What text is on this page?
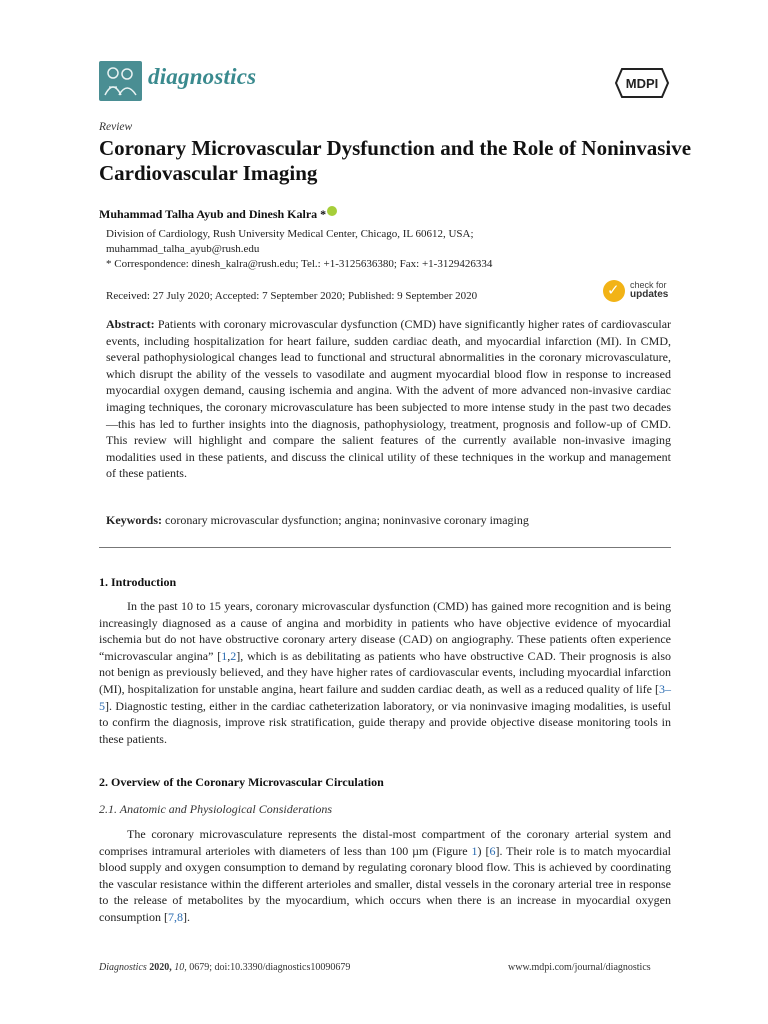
diagnostics	MDPI
Review
Coronary Microvascular Dysfunction and the Role of Noninvasive Cardiovascular Imaging
Muhammad Talha Ayub and Dinesh Kalra *
Division of Cardiology, Rush University Medical Center, Chicago, IL 60612, USA;
muhammad_talha_ayub@rush.edu
* Correspondence: dinesh_kalra@rush.edu; Tel.: +1-3125636380; Fax: +1-3129426334
Received: 27 July 2020; Accepted: 7 September 2020; Published: 9 September 2020	✓ check for
updates
Abstract: Patients with coronary microvascular dysfunction (CMD) have significantly higher rates of cardiovascular events, including hospitalization for heart failure, sudden cardiac death, and myocardial infarction (MI). In CMD, several pathophysiological changes lead to functional and structural abnormalities in the coronary microvasculature, which disrupt the ability of the vessels to vasodilate and augment myocardial blood flow in response to increased myocardial oxygen demand, causing ischemia and angina. With the advent of more advanced non-invasive cardiac imaging techniques, the coronary microvasculature has been subjected to more intense study in the past two decades—this has led to further insights into the diagnosis, pathophysiology, treatment, prognosis and follow-up of CMD. This review will highlight and compare the salient features of the currently available non-invasive imaging modalities used in these patients, and discuss the clinical utility of these techniques in the workup and management of these patients.
Keywords: coronary microvascular dysfunction; angina; noninvasive coronary imaging
1. Introduction
In the past 10 to 15 years, coronary microvascular dysfunction (CMD) has gained more recognition and is being increasingly diagnosed as a cause of angina and morbidity in patients who have objective evidence of myocardial ischemia but do not have obstructive coronary artery disease (CAD) on angiography. These patients often experience “microvascular angina” [1,2], which is as debilitating as patients who have obstructive CAD. Their prognosis is also not benign as previously believed, and they have higher rates of cardiovascular events, including myocardial infarction (MI), hospitalization for unstable angina, heart failure and sudden cardiac death, as well as a reduced quality of life [3–5]. Diagnostic testing, either in the cardiac catheterization laboratory, or via noninvasive imaging modalities, is useful to confirm the diagnosis, improve risk stratification, guide therapy and provide objective disease monitoring tools in these patients.
2. Overview of the Coronary Microvascular Circulation
2.1. Anatomic and Physiological Considerations
The coronary microvasculature represents the distal-most compartment of the coronary arterial system and comprises intramural arterioles with diameters of less than 100 µm (Figure 1) [6]. Their role is to match myocardial blood supply and oxygen consumption to demand by regulating coronary blood flow. This is achieved by coordinating the vascular resistance within the different arterioles and smaller, distal vessels in the coronary arterial tree in response to the release of metabolites by the myocardium, which occurs when there is an increase in myocardial oxygen consumption [7,8].
Diagnostics 2020, 10, 0679; doi:10.3390/diagnostics10090679	www.mdpi.com/journal/diagnostics
